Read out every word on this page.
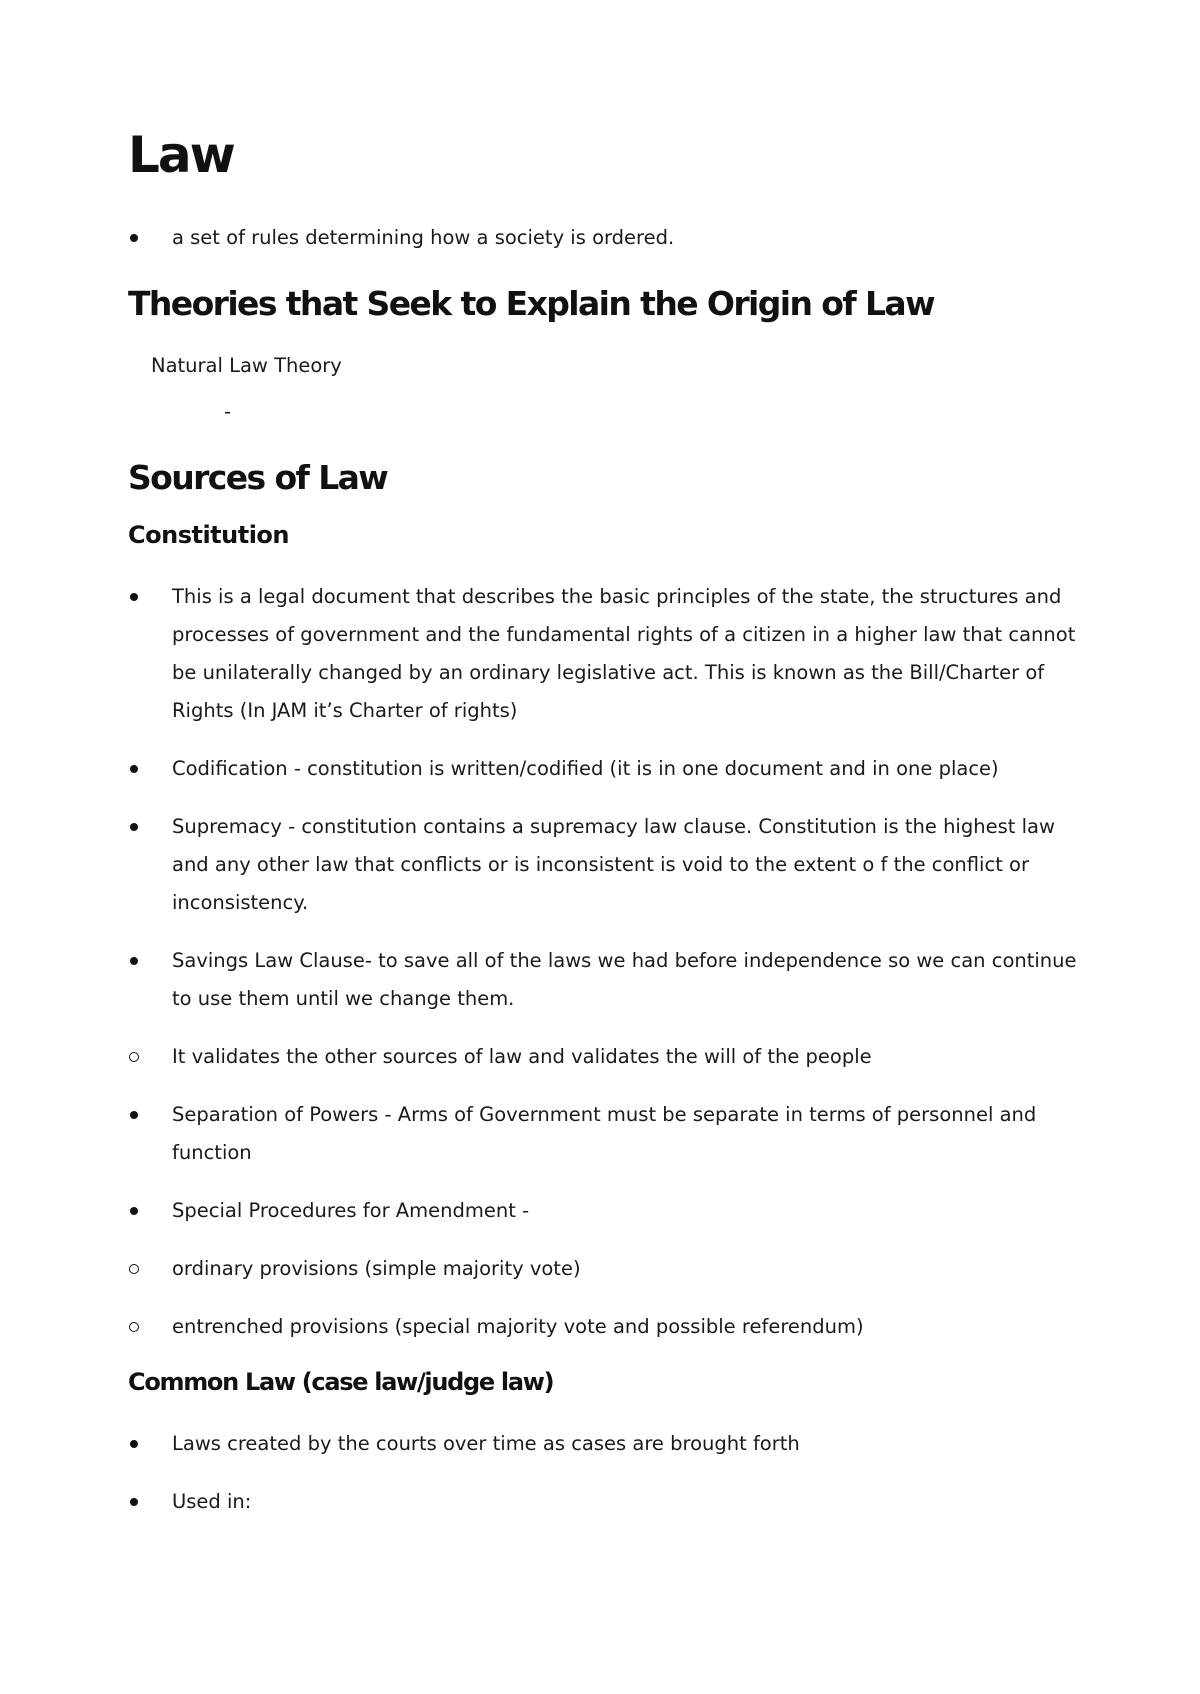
Law
a set of rules determining how a society is ordered.
Theories that Seek to Explain the Origin of Law
Natural Law Theory
-
Sources of Law
Constitution
This is a legal document that describes the basic principles of the state, the structures and processes of government and the fundamental rights of a citizen in a higher law that cannot be unilaterally changed by an ordinary legislative act. This is known as the Bill/Charter of Rights (In JAM it’s Charter of rights)
Codification - constitution is written/codified (it is in one document and in one place)
Supremacy - constitution contains a supremacy law clause. Constitution is the highest law and any other law that conflicts or is inconsistent is void to the extent o f the conflict or inconsistency.
Savings Law Clause- to save all of the laws we had before independence so we can continue to use them until we change them.
It validates the other sources of law and validates the will of the people
Separation of Powers - Arms of Government must be separate in terms of personnel and function
Special Procedures for Amendment -
ordinary provisions (simple majority vote)
entrenched provisions (special majority vote and possible referendum)
Common Law (case law/judge law)
Laws created by the courts over time as cases are brought forth
Used in:
